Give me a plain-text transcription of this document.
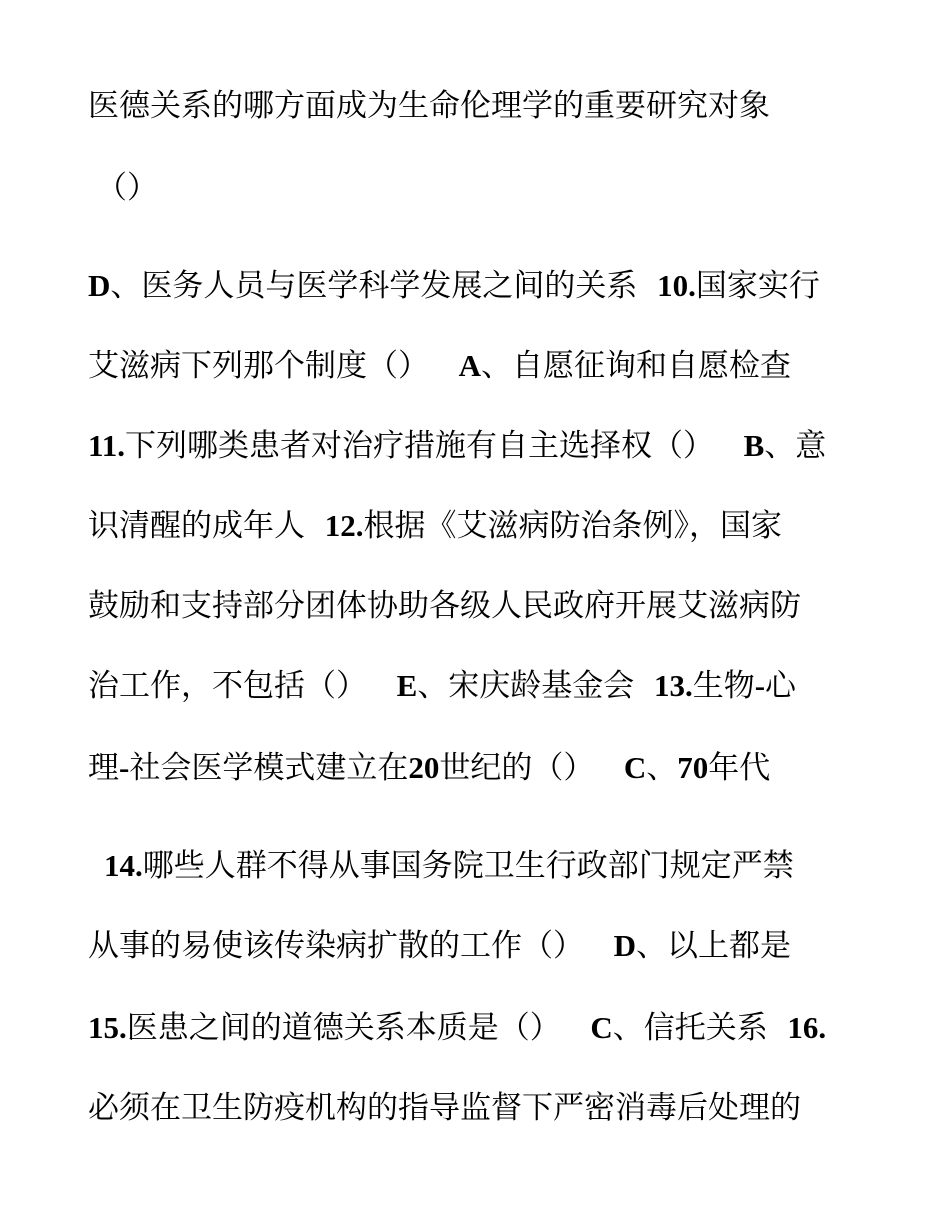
医德关系的哪方面成为生命伦理学的重要研究对象
（）
D、医务人员与医学科学发展之间的关系 10.国家实行
艾滋病下列那个制度（） A、自愿征询和自愿检查
11.下列哪类患者对治疗措施有自主选择权（） B、意
识清醒的成年人 12.根据《艾滋病防治条例》，国家
鼓励和支持部分团体协助各级人民政府开展艾滋病防
治工作，不包括（） E、宋庆龄基金会 13.生物-心
理-社会医学模式建立在20世纪的（） C、70年代
14.哪些人群不得从事国务院卫生行政部门规定严禁
从事的易使该传染病扩散的工作（） D、以上都是
15.医患之间的道德关系本质是（） C、信托关系 16.
必须在卫生防疫机构的指导监督下严密消毒后处理的
